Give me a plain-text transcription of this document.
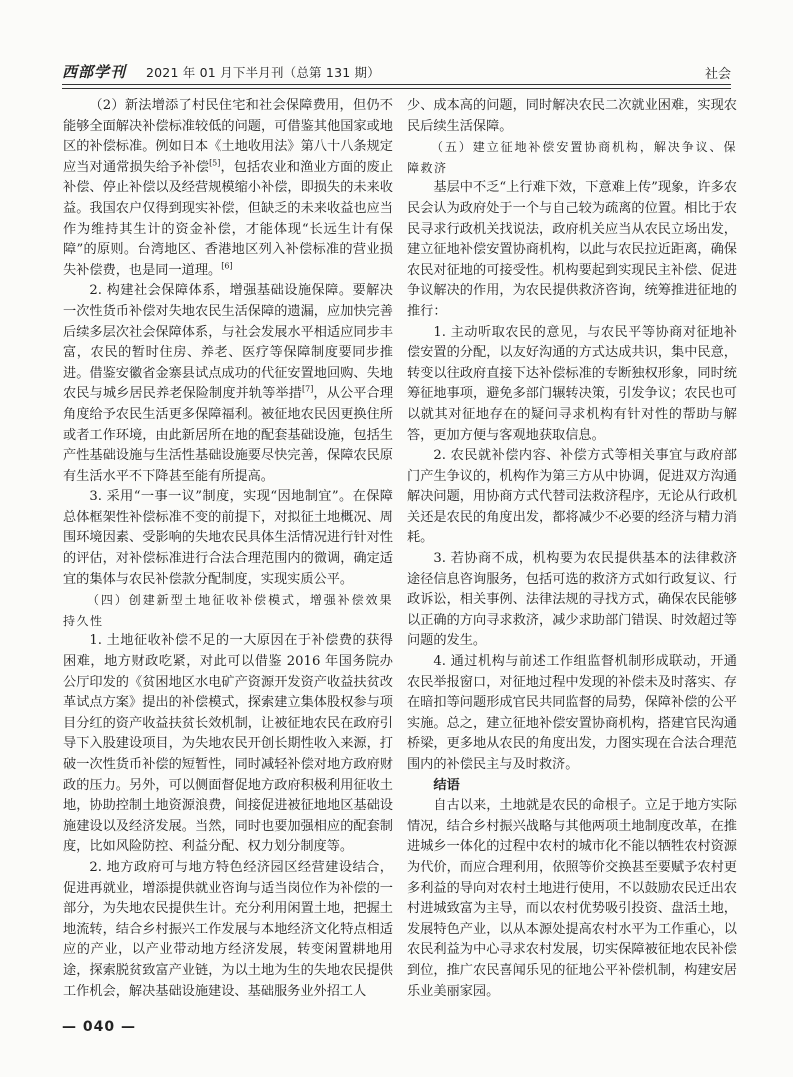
西部学刊 2021 年 01 月下半月刊（总第 131 期）	社会

（2）新法增添了村民住宅和社会保障费用，但仍不能够全面解决补偿标准较低的问题，可借鉴其他国家或地区的补偿标准。例如日本《土地收用法》第八十八条规定应当对通常损失给予补偿[5]，包括农业和渔业方面的废止补偿、停止补偿以及经营规模缩小补偿，即损失的未来收益。我国农户仅得到现实补偿，但缺乏的未来收益也应当作为维持其生计的资金补偿，才能体现“长远生计有保障”的原则。台湾地区、香港地区列入补偿标准的营业损失补偿费，也是同一道理。[6]

2. 构建社会保障体系，增强基础设施保障。要解决一次性货币补偿对失地农民生活保障的遗漏，应加快完善后续多层次社会保障体系，与社会发展水平相适应同步丰富，农民的暂时住房、养老、医疗等保障制度要同步推进。借鉴安徽省金寨县试点成功的代征安置地回购、失地农民与城乡居民养老保险制度并轨等举措[7]，从公平合理角度给予农民生活更多保障福利。被征地农民因更换住所或者工作环境，由此新居所在地的配套基础设施，包括生产性基础设施与生活性基础设施要尽快完善，保障农民原有生活水平不下降甚至能有所提高。

3. 采用“一事一议”制度，实现“因地制宜”。在保障总体框架性补偿标准不变的前提下，对拟征土地概况、周围环境因素、受影响的失地农民具体生活情况进行针对性的评估，对补偿标准进行合法合理范围内的微调，确定适宜的集体与农民补偿款分配制度，实现实质公平。

（四）创建新型土地征收补偿模式，增强补偿效果持久性

1. 土地征收补偿不足的一大原因在于补偿费的获得困难，地方财政吃紧，对此可以借鉴 2016 年国务院办公厅印发的《贫困地区水电矿产资源开发资产收益扶贫改革试点方案》提出的补偿模式，探索建立集体股权参与项目分红的资产收益扶贫长效机制，让被征地农民在政府引导下入股建设项目，为失地农民开创长期性收入来源，打破一次性货币补偿的短暂性，同时减轻补偿对地方政府财政的压力。另外，可以侧面督促地方政府积极利用征收土地，协助控制土地资源浪费，间接促进被征地地区基础设施建设以及经济发展。当然，同时也要加强相应的配套制度，比如风险防控、利益分配、权力划分制度等。

2. 地方政府可与地方特色经济园区经营建设结合，促进再就业，增添提供就业咨询与适当岗位作为补偿的一部分，为失地农民提供生计。充分利用闲置土地，把握土地流转，结合乡村振兴工作发展与本地经济文化特点相适应的产业，以产业带动地方经济发展，转变闲置耕地用途，探索脱贫致富产业链，为以土地为生的失地农民提供工作机会，解决基础设施建设、基础服务业外招工人

少、成本高的问题，同时解决农民二次就业困难，实现农民后续生活保障。

（五）建立征地补偿安置协商机构，解决争议、保障救济

基层中不乏“上行难下效，下意难上传”现象，许多农民会认为政府处于一个与自己较为疏离的位置。相比于农民寻求行政机关找说法，政府机关应当从农民立场出发，建立征地补偿安置协商机构，以此与农民拉近距离，确保农民对征地的可接受性。机构要起到实现民主补偿、促进争议解决的作用，为农民提供救济咨询，统筹推进征地的推行：

1. 主动听取农民的意见，与农民平等协商对征地补偿安置的分配，以友好沟通的方式达成共识，集中民意，转变以往政府直接下达补偿标准的专断独权形象，同时统筹征地事项，避免多部门辗转决策，引发争议；农民也可以就其对征地存在的疑问寻求机构有针对性的帮助与解答，更加方便与客观地获取信息。

2. 农民就补偿内容、补偿方式等相关事宜与政府部门产生争议的，机构作为第三方从中协调，促进双方沟通解决问题，用协商方式代替司法救济程序，无论从行政机关还是农民的角度出发，都将减少不必要的经济与精力消耗。

3. 若协商不成，机构要为农民提供基本的法律救济途径信息咨询服务，包括可选的救济方式如行政复议、行政诉讼，相关事例、法律法规的寻找方式，确保农民能够以正确的方向寻求救济，减少求助部门错误、时效超过等问题的发生。

4. 通过机构与前述工作组监督机制形成联动，开通农民举报窗口，对征地过程中发现的补偿未及时落实、存在暗扣等问题形成官民共同监督的局势，保障补偿的公平实施。总之，建立征地补偿安置协商机构，搭建官民沟通桥梁，更多地从农民的角度出发，力图实现在合法合理范围内的补偿民主与及时救济。

结语

自古以来，土地就是农民的命根子。立足于地方实际情况，结合乡村振兴战略与其他两项土地制度改革，在推进城乡一体化的过程中农村的城市化不能以牺牲农村资源为代价，而应合理利用，依照等价交换甚至要赋予农村更多利益的导向对农村土地进行使用，不以鼓励农民迁出农村进城致富为主导，而以农村优势吸引投资、盘活土地，发展特色产业，以从本源处提高农村水平为工作重心，以农民利益为中心寻求农村发展，切实保障被征地农民补偿到位，推广农民喜闻乐见的征地公平补偿机制，构建安居乐业美丽家园。

— 040 —
